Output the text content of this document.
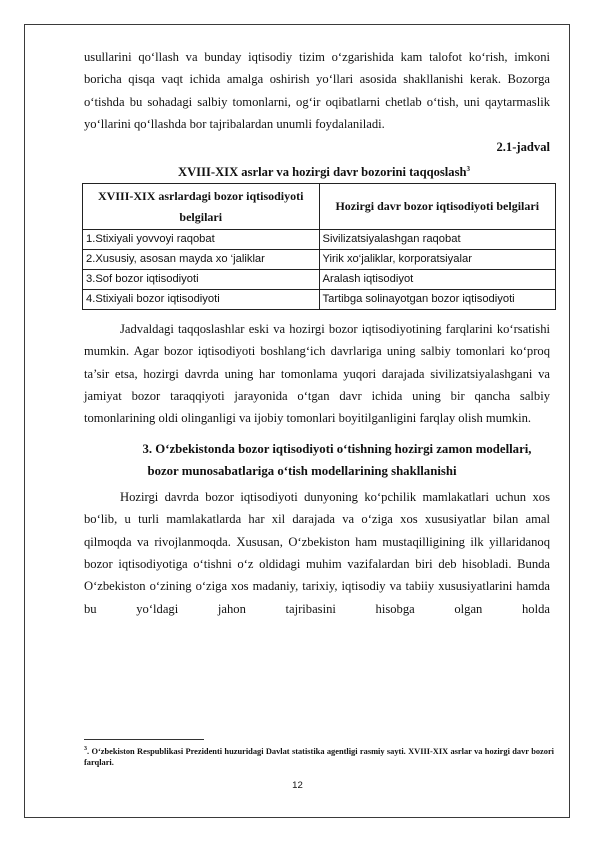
usullarini qo‘llash va bunday iqtisodiy tizim o‘zgarishida kam talofot ko‘rish, imkoni boricha qisqa vaqt ichida amalga oshirish yo‘llari asosida shakllanishi kerak. Bozorga o‘tishda bu sohadagi salbiy tomonlarni, og‘ir oqibatlarni chetlab o‘tish, uni qaytarmaslik yo‘llarini qo‘llashda bor tajribalardan unumli foydalaniladi.

2.1-jadval
XVIII-XIX asrlar va hozirgi davr bozorini taqqoslash$^3$
XVIII-XIX asrlardagi bozor iqtisodiyoti belgilari	Hozirgi davr bozor iqtisodiyoti belgilari
1.Stixiyali yovvoyi raqobat	Sivilizatsiyalashgan raqobat
2.Xususiy, asosan mayda xo ‘jaliklar	Yirik xo‘jaliklar, korporatsiyalar
3.Sof bozor iqtisodiyoti	Aralash iqtisodiyot
4.Stixiyali bozor iqtisodiyoti	Tartibga solinayotgan bozor iqtisodiyoti

Jadvaldagi taqqoslashlar eski va hozirgi bozor iqtisodiyotining farqlarini ko‘rsatishi mumkin. Agar bozor iqtisodiyoti boshlang‘ich davrlariga uning salbiy tomonlari ko‘proq ta’sir etsa, hozirgi davrda uning har tomonlama yuqori darajada sivilizatsiyalashgani va jamiyat bozor taraqqiyoti jarayonida o‘tgan davr ichida uning bir qancha salbiy tomonlarining oldi olinganligi va ijobiy tomonlari boyitilganligini farqlay olish mumkin.

3. O‘zbekistonda bozor iqtisodiyoti o‘tishning hozirgi zamon modellari,
bozor munosabatlariga o‘tish modellarining shakllanishi

Hozirgi davrda bozor iqtisodiyoti dunyoning ko‘pchilik mamlakatlari uchun xos bo‘lib, u turli mamlakatlarda har xil darajada va o‘ziga xos xususiyatlar bilan amal qilmoqda va rivojlanmoqda. Xususan, O‘zbekiston ham mustaqilligining ilk yillaridanoq bozor iqtisodiyotiga o‘tishni o‘z oldidagi muhim vazifalardan biri deb hisobladi. Bunda O‘zbekiston o‘zining o‘ziga xos madaniy, tarixiy, iqtisodiy va tabiiy xususiyatlarini hamda bu yo‘ldagi jahon tajribasini hisobga olgan holda

$^3$. O‘zbekiston Respublikasi Prezidenti huzuridagi Davlat statistika agentligi rasmiy sayti. XVIII-XIX asrlar va hozirgi davr bozori farqlari.
12
